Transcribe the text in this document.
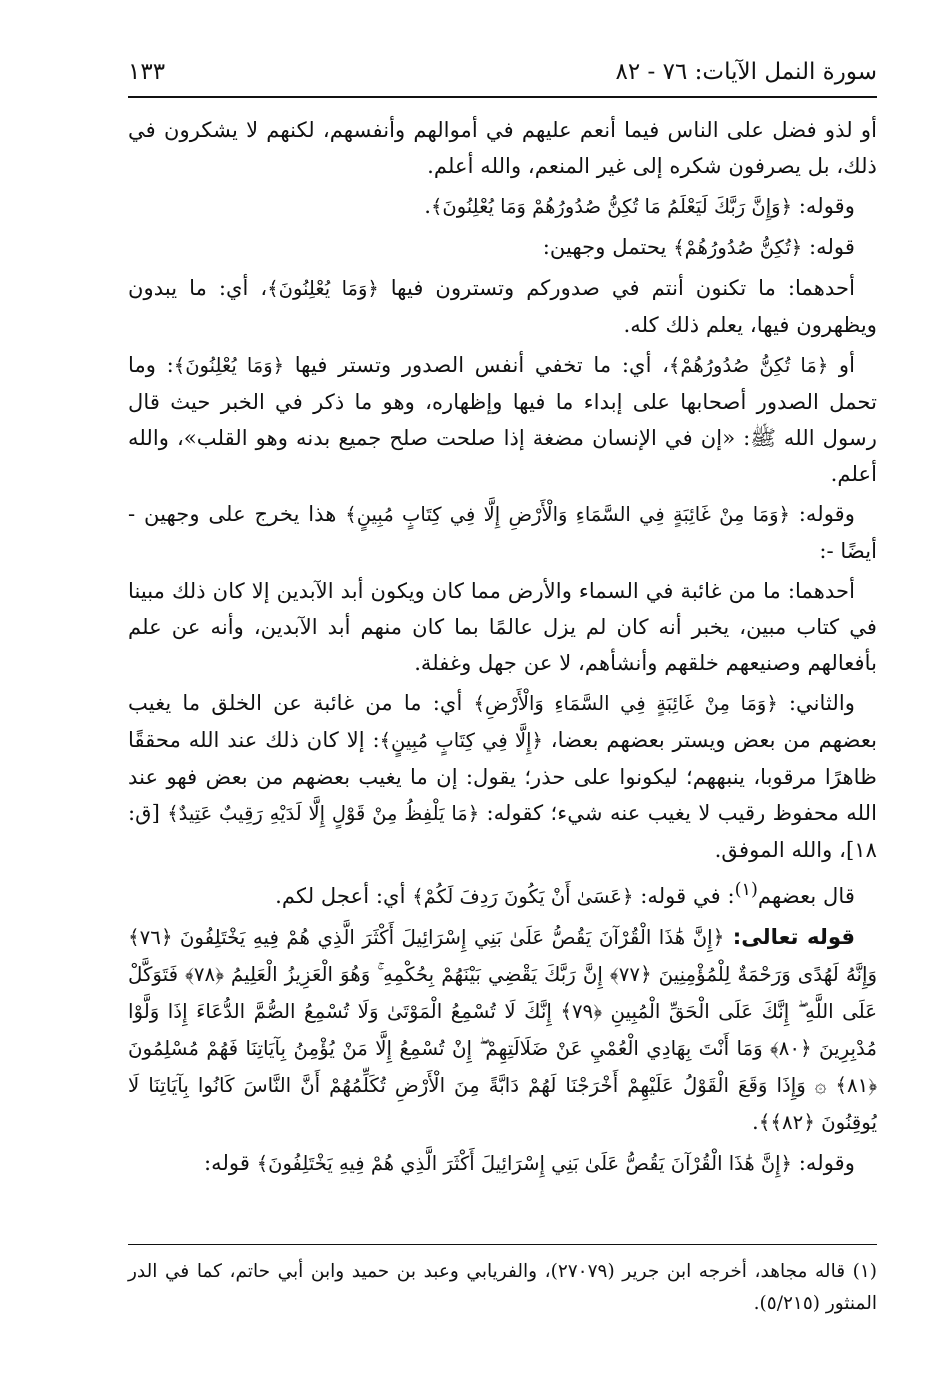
سورة النمل الآيات: ٧٦ - ٨٢
١٣٣

أو لذو فضل على الناس فيما أنعم عليهم في أموالهم وأنفسهم، لكنهم لا يشكرون في ذلك، بل يصرفون شكره إلى غير المنعم، والله أعلم.

وقوله: ﴿وَإِنَّ رَبَّكَ لَيَعْلَمُ مَا تُكِنُّ صُدُورُهُمْ وَمَا يُعْلِنُونَ﴾.

قوله: ﴿تُكِنُّ صُدُورُهُمْ﴾ يحتمل وجهين:

أحدهما: ما تكنون أنتم في صدوركم وتسترون فيها ﴿وَمَا يُعْلِنُونَ﴾، أي: ما يبدون ويظهرون فيها، يعلم ذلك كله.

أو ﴿مَا تُكِنُّ صُدُورُهُمْ﴾، أي: ما تخفي أنفس الصدور وتستر فيها ﴿وَمَا يُعْلِنُونَ﴾: وما تحمل الصدور أصحابها على إبداء ما فيها وإظهاره، وهو ما ذكر في الخبر حيث قال رسول الله ﷺ: «إن في الإنسان مضغة إذا صلحت صلح جميع بدنه وهو القلب»، والله أعلم.

وقوله: ﴿وَمَا مِنْ غَائِبَةٍ فِي السَّمَاءِ وَالْأَرْضِ إِلَّا فِي كِتَابٍ مُبِينٍ﴾ هذا يخرج على وجهين - أيضًا -:

أحدهما: ما من غائبة في السماء والأرض مما كان ويكون أبد الآبدين إلا كان ذلك مبينا في كتاب مبين، يخبر أنه كان لم يزل عالمًا بما كان منهم أبد الآبدين، وأنه عن علم بأفعالهم وصنيعهم خلقهم وأنشأهم، لا عن جهل وغفلة.

والثاني: ﴿وَمَا مِنْ غَائِبَةٍ فِي السَّمَاءِ وَالْأَرْضِ﴾ أي: ما من غائبة عن الخلق ما يغيب بعضهم من بعض ويستر بعضهم بعضا، ﴿إِلَّا فِي كِتَابٍ مُبِينٍ﴾: إلا كان ذلك عند الله محققًا ظاهرًا مرقوبا، ينبههم؛ ليكونوا على حذر؛ يقول: إن ما يغيب بعضهم من بعض فهو عند الله محفوظ رقيب لا يغيب عنه شيء؛ كقوله: ﴿مَا يَلْفِظُ مِنْ قَوْلٍ إِلَّا لَدَيْهِ رَقِيبٌ عَتِيدٌ﴾ [ق: ١٨]، والله الموفق.

قال بعضهم$^{(١)}$: في قوله: ﴿عَسَىٰ أَنْ يَكُونَ رَدِفَ لَكُمْ﴾ أي: أعجل لكم.

قوله تعالى: ﴿إِنَّ هَٰذَا الْقُرْآنَ يَقُصُّ عَلَىٰ بَنِي إِسْرَائِيلَ أَكْثَرَ الَّذِي هُمْ فِيهِ يَخْتَلِفُونَ ﴿٧٦﴾ وَإِنَّهُ لَهُدًى وَرَحْمَةٌ لِلْمُؤْمِنِينَ ﴿٧٧﴾ إِنَّ رَبَّكَ يَقْضِي بَيْنَهُمْ بِحُكْمِهِ ۚ وَهُوَ الْعَزِيزُ الْعَلِيمُ ﴿٧٨﴾ فَتَوَكَّلْ عَلَى اللَّهِ ۖ إِنَّكَ عَلَى الْحَقِّ الْمُبِينِ ﴿٧٩﴾ إِنَّكَ لَا تُسْمِعُ الْمَوْتَىٰ وَلَا تُسْمِعُ الصُّمَّ الدُّعَاءَ إِذَا وَلَّوْا مُدْبِرِينَ ﴿٨٠﴾ وَمَا أَنْتَ بِهَادِي الْعُمْيِ عَنْ ضَلَالَتِهِمْ ۖ إِنْ تُسْمِعُ إِلَّا مَنْ يُؤْمِنُ بِآيَاتِنَا فَهُمْ مُسْلِمُونَ ﴿٨١﴾ ۞ وَإِذَا وَقَعَ الْقَوْلُ عَلَيْهِمْ أَخْرَجْنَا لَهُمْ دَابَّةً مِنَ الْأَرْضِ تُكَلِّمُهُمْ أَنَّ النَّاسَ كَانُوا بِآيَاتِنَا لَا يُوقِنُونَ ﴿٨٢﴾﴾.

وقوله: ﴿إِنَّ هَٰذَا الْقُرْآنَ يَقُصُّ عَلَىٰ بَنِي إِسْرَائِيلَ أَكْثَرَ الَّذِي هُمْ فِيهِ يَخْتَلِفُونَ﴾ قوله:

(١) قاله مجاهد، أخرجه ابن جرير (٢٧٠٧٩)، والفريابي وعبد بن حميد وابن أبي حاتم، كما في الدر المنثور (٥/٢١٥).
